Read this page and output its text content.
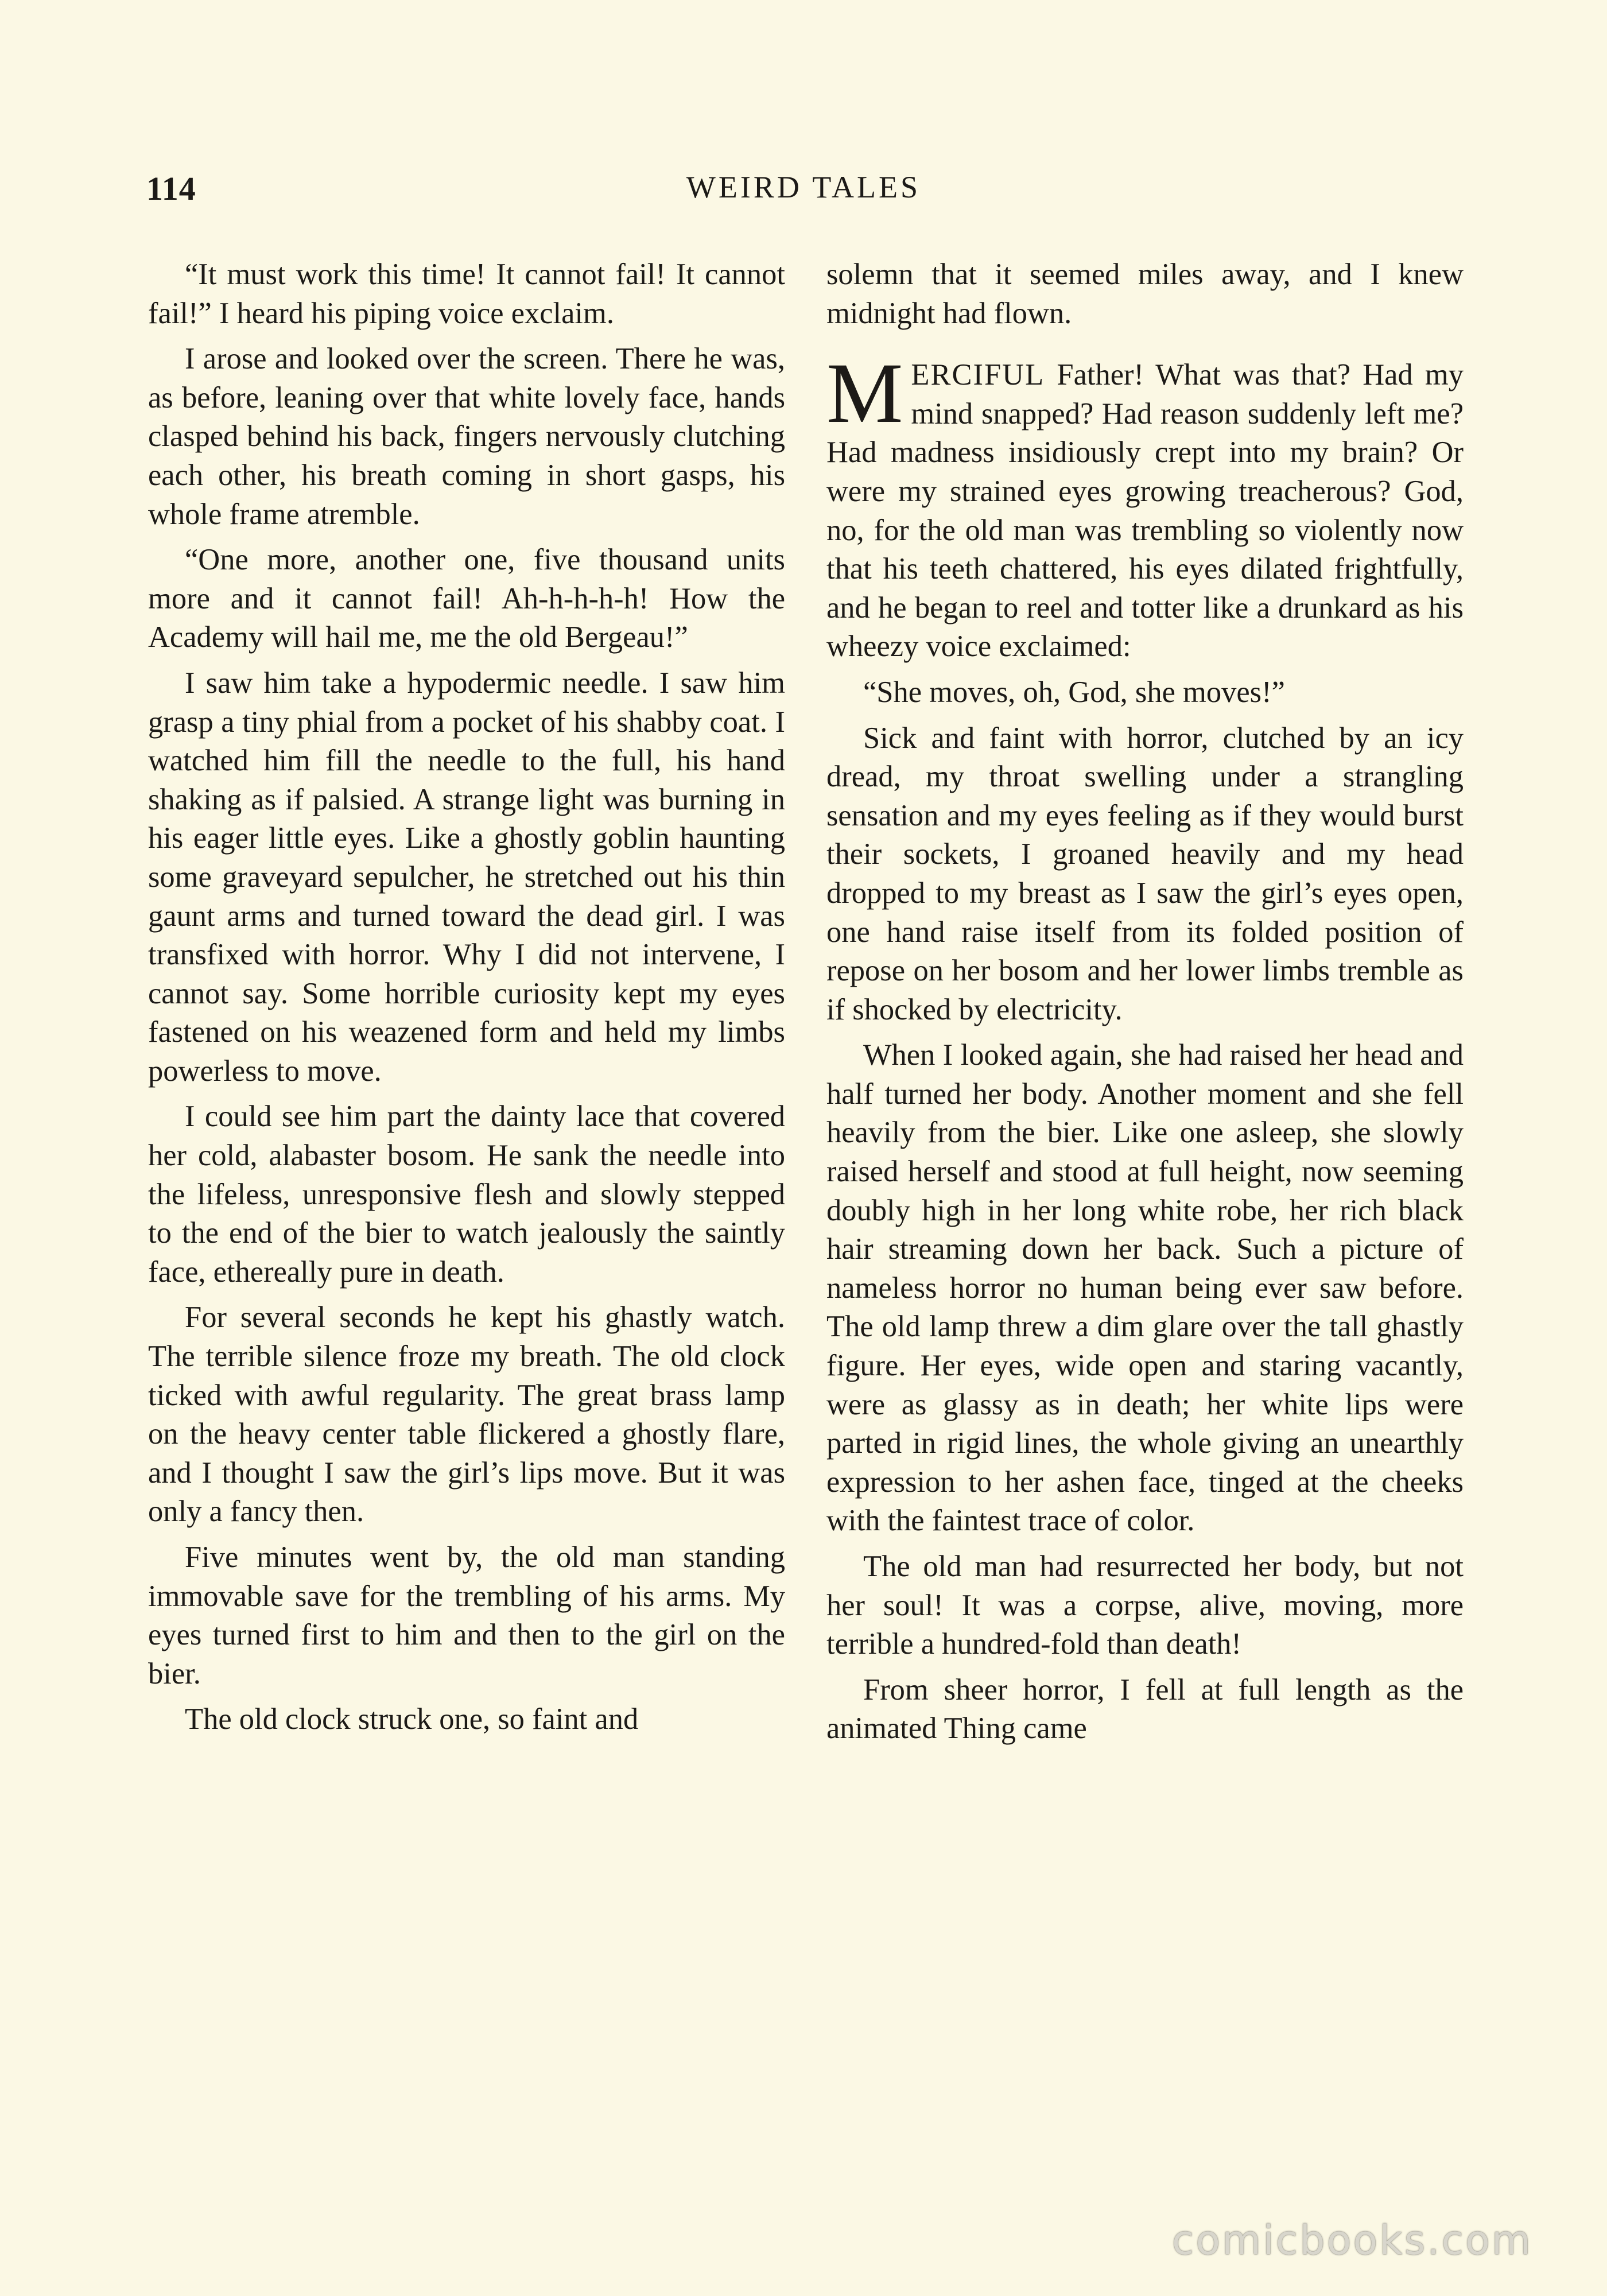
114	WEIRD TALES

“It must work this time! It cannot fail! It cannot fail!” I heard his piping voice exclaim.

I arose and looked over the screen. There he was, as before, leaning over that white lovely face, hands clasped behind his back, fingers nervously clutching each other, his breath coming in short gasps, his whole frame atremble.

“One more, another one, five thousand units more and it cannot fail! Ah-h-h-h-h! How the Academy will hail me, me the old Bergeau!”

I saw him take a hypodermic needle. I saw him grasp a tiny phial from a pocket of his shabby coat. I watched him fill the needle to the full, his hand shaking as if palsied. A strange light was burning in his eager little eyes. Like a ghostly goblin haunting some graveyard sepulcher, he stretched out his thin gaunt arms and turned toward the dead girl. I was transfixed with horror. Why I did not intervene, I cannot say. Some horrible curiosity kept my eyes fastened on his weazened form and held my limbs powerless to move.

I could see him part the dainty lace that covered her cold, alabaster bosom. He sank the needle into the lifeless, unresponsive flesh and slowly stepped to the end of the bier to watch jealously the saintly face, ethereally pure in death.

For several seconds he kept his ghastly watch. The terrible silence froze my breath. The old clock ticked with awful regularity. The great brass lamp on the heavy center table flickered a ghostly flare, and I thought I saw the girl’s lips move. But it was only a fancy then.

Five minutes went by, the old man standing immovable save for the trembling of his arms. My eyes turned first to him and then to the girl on the bier.

The old clock struck one, so faint and

solemn that it seemed miles away, and I knew midnight had flown.

MERCIFUL Father! What was that? Had my mind snapped? Had reason suddenly left me? Had madness insidiously crept into my brain? Or were my strained eyes growing treacherous? God, no, for the old man was trembling so violently now that his teeth chattered, his eyes dilated frightfully, and he began to reel and totter like a drunkard as his wheezy voice exclaimed:

“She moves, oh, God, she moves!”

Sick and faint with horror, clutched by an icy dread, my throat swelling under a strangling sensation and my eyes feeling as if they would burst their sockets, I groaned heavily and my head dropped to my breast as I saw the girl’s eyes open, one hand raise itself from its folded position of repose on her bosom and her lower limbs tremble as if shocked by electricity.

When I looked again, she had raised her head and half turned her body. Another moment and she fell heavily from the bier. Like one asleep, she slowly raised herself and stood at full height, now seeming doubly high in her long white robe, her rich black hair streaming down her back. Such a picture of nameless horror no human being ever saw before. The old lamp threw a dim glare over the tall ghastly figure. Her eyes, wide open and staring vacantly, were as glassy as in death; her white lips were parted in rigid lines, the whole giving an unearthly expression to her ashen face, tinged at the cheeks with the faintest trace of color.

The old man had resurrected her body, but not her soul! It was a corpse, alive, moving, more terrible a hundred-fold than death!

From sheer horror, I fell at full length as the animated Thing came

comicbooks.com
